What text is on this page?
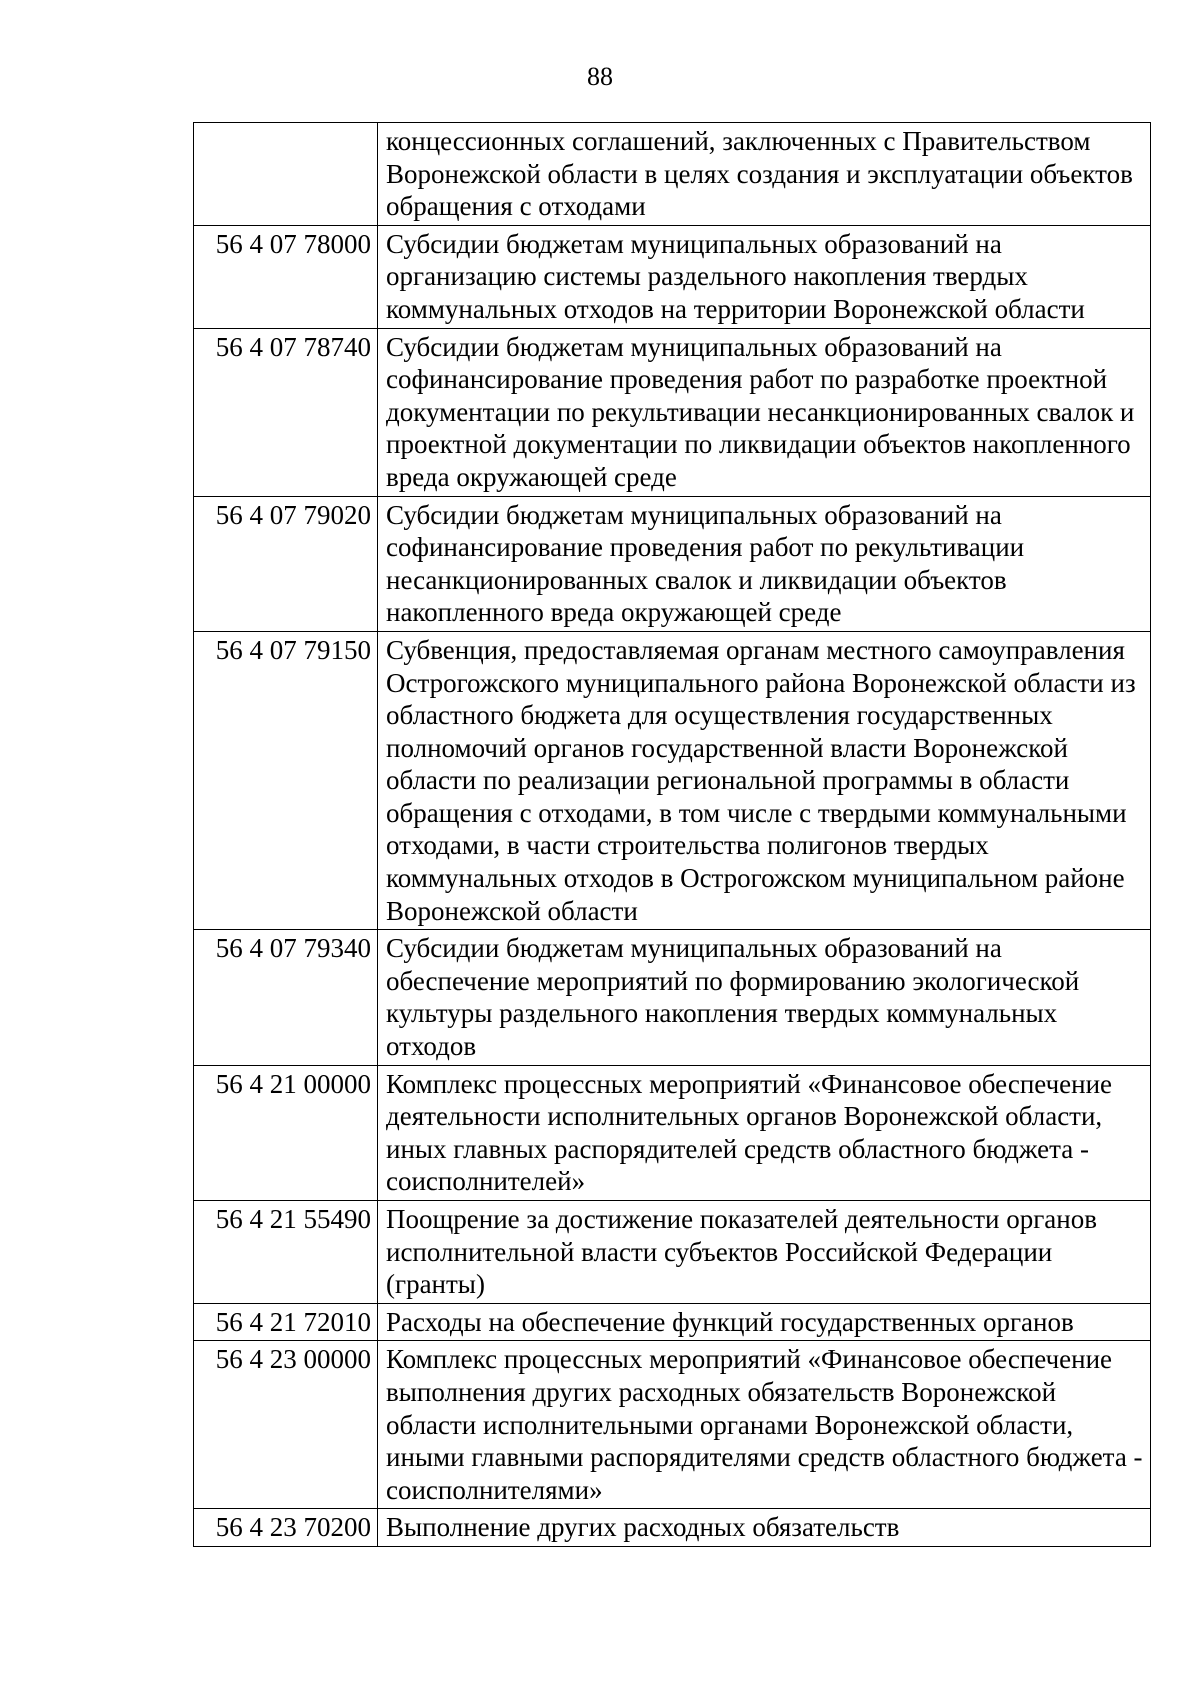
88
	концессионных соглашений, заключенных с Правительством Воронежской области в целях создания и эксплуатации объектов обращения с отходами
56 4 07 78000	Субсидии бюджетам муниципальных образований на организацию системы раздельного накопления твердых коммунальных отходов на территории Воронежской области
56 4 07 78740	Субсидии бюджетам муниципальных образований на софинансирование проведения работ по разработке проектной документации по рекультивации несанкционированных свалок и проектной документации по ликвидации объектов накопленного вреда окружающей среде
56 4 07 79020	Субсидии бюджетам муниципальных образований на софинансирование проведения работ по рекультивации несанкционированных свалок и ликвидации объектов накопленного вреда окружающей среде
56 4 07 79150	Субвенция, предоставляемая органам местного самоуправления Острогожского муниципального района Воронежской области из областного бюджета для осуществления государственных полномочий органов государственной власти Воронежской области по реализации региональной программы в области обращения с отходами, в том числе с твердыми коммунальными отходами, в части строительства полигонов твердых коммунальных отходов в Острогожском муниципальном районе Воронежской области
56 4 07 79340	Субсидии бюджетам муниципальных образований на обеспечение мероприятий по формированию экологической культуры раздельного накопления твердых коммунальных отходов
56 4 21 00000	Комплекс процессных мероприятий «Финансовое обеспечение деятельности исполнительных органов Воронежской области, иных главных распорядителей средств областного бюджета - соисполнителей»
56 4 21 55490	Поощрение за достижение показателей деятельности органов исполнительной власти субъектов Российской Федерации (гранты)
56 4 21 72010	Расходы на обеспечение функций государственных органов
56 4 23 00000	Комплекс процессных мероприятий «Финансовое обеспечение выполнения других расходных обязательств Воронежской области исполнительными органами Воронежской области, иными главными распорядителями средств областного бюджета - соисполнителями»
56 4 23 70200	Выполнение других расходных обязательств
